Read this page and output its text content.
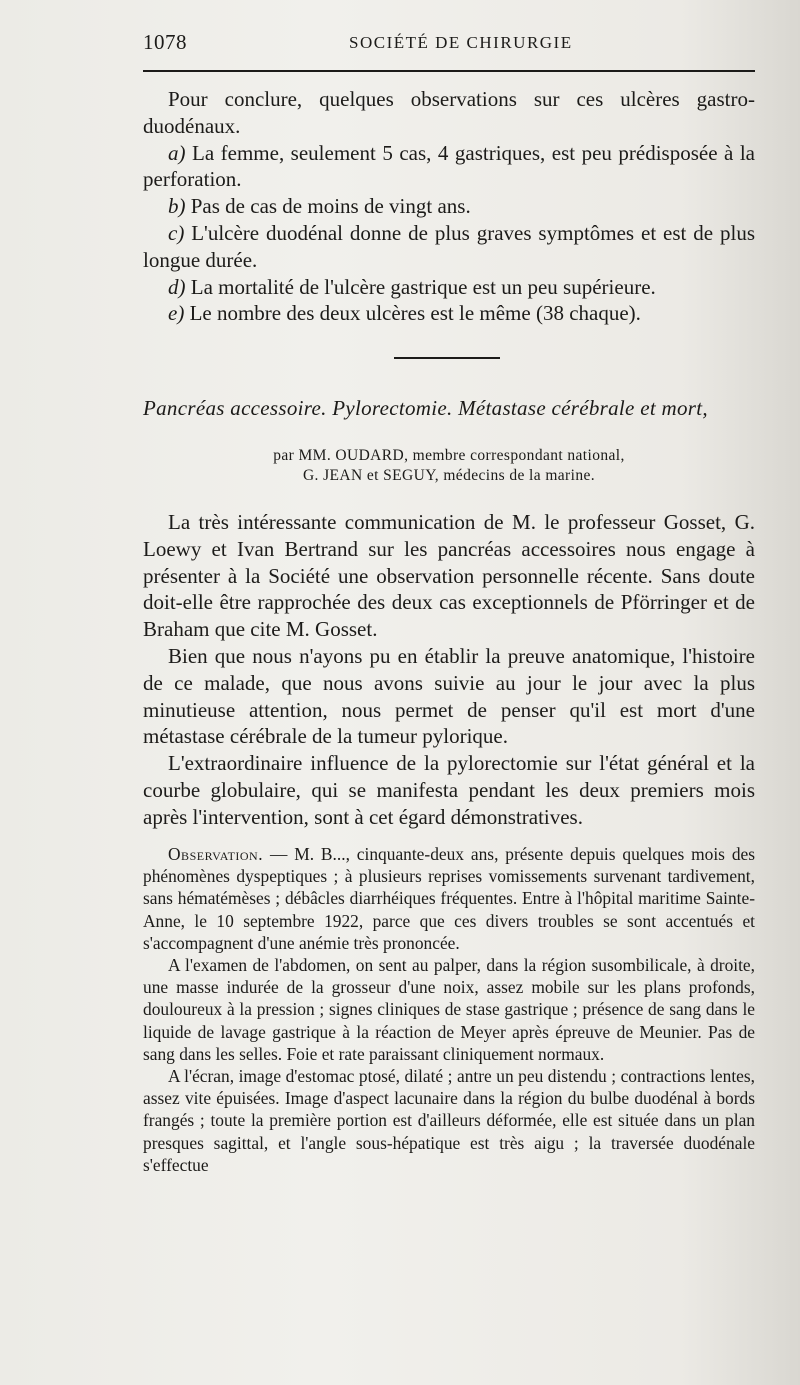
1078	SOCIÉTÉ DE CHIRURGIE

Pour conclure, quelques observations sur ces ulcères gastro-duodénaux.

a) La femme, seulement 5 cas, 4 gastriques, est peu prédisposée à la perforation.

b) Pas de cas de moins de vingt ans.

c) L'ulcère duodénal donne de plus graves symptômes et est de plus longue durée.

d) La mortalité de l'ulcère gastrique est un peu supérieure.

e) Le nombre des deux ulcères est le même (38 chaque).

Pancréas accessoire. Pylorectomie. Métastase cérébrale et mort,
par MM. OUDARD, membre correspondant national,
G. JEAN et SEGUY, médecins de la marine.

La très intéressante communication de M. le professeur Gosset, G. Loewy et Ivan Bertrand sur les pancréas accessoires nous engage à présenter à la Société une observation personnelle récente. Sans doute doit-elle être rapprochée des deux cas exceptionnels de Pförringer et de Braham que cite M. Gosset.

Bien que nous n'ayons pu en établir la preuve anatomique, l'histoire de ce malade, que nous avons suivie au jour le jour avec la plus minutieuse attention, nous permet de penser qu'il est mort d'une métastase cérébrale de la tumeur pylorique.

L'extraordinaire influence de la pylorectomie sur l'état général et la courbe globulaire, qui se manifesta pendant les deux premiers mois après l'intervention, sont à cet égard démonstratives.

Observation. — M. B..., cinquante-deux ans, présente depuis quelques mois des phénomènes dyspeptiques ; à plusieurs reprises vomissements survenant tardivement, sans hématémèses ; débâcles diarrhéiques fréquentes. Entre à l'hôpital maritime Sainte-Anne, le 10 septembre 1922, parce que ces divers troubles se sont accentués et s'accompagnent d'une anémie très prononcée.

A l'examen de l'abdomen, on sent au palper, dans la région susombilicale, à droite, une masse indurée de la grosseur d'une noix, assez mobile sur les plans profonds, douloureux à la pression ; signes cliniques de stase gastrique ; présence de sang dans le liquide de lavage gastrique à la réaction de Meyer après épreuve de Meunier. Pas de sang dans les selles. Foie et rate paraissant cliniquement normaux.

A l'écran, image d'estomac ptosé, dilaté ; antre un peu distendu ; contractions lentes, assez vite épuisées. Image d'aspect lacunaire dans la région du bulbe duodénal à bords frangés ; toute la première portion est d'ailleurs déformée, elle est située dans un plan presques sagittal, et l'angle sous-hépatique est très aigu ; la traversée duodénale s'effectue
